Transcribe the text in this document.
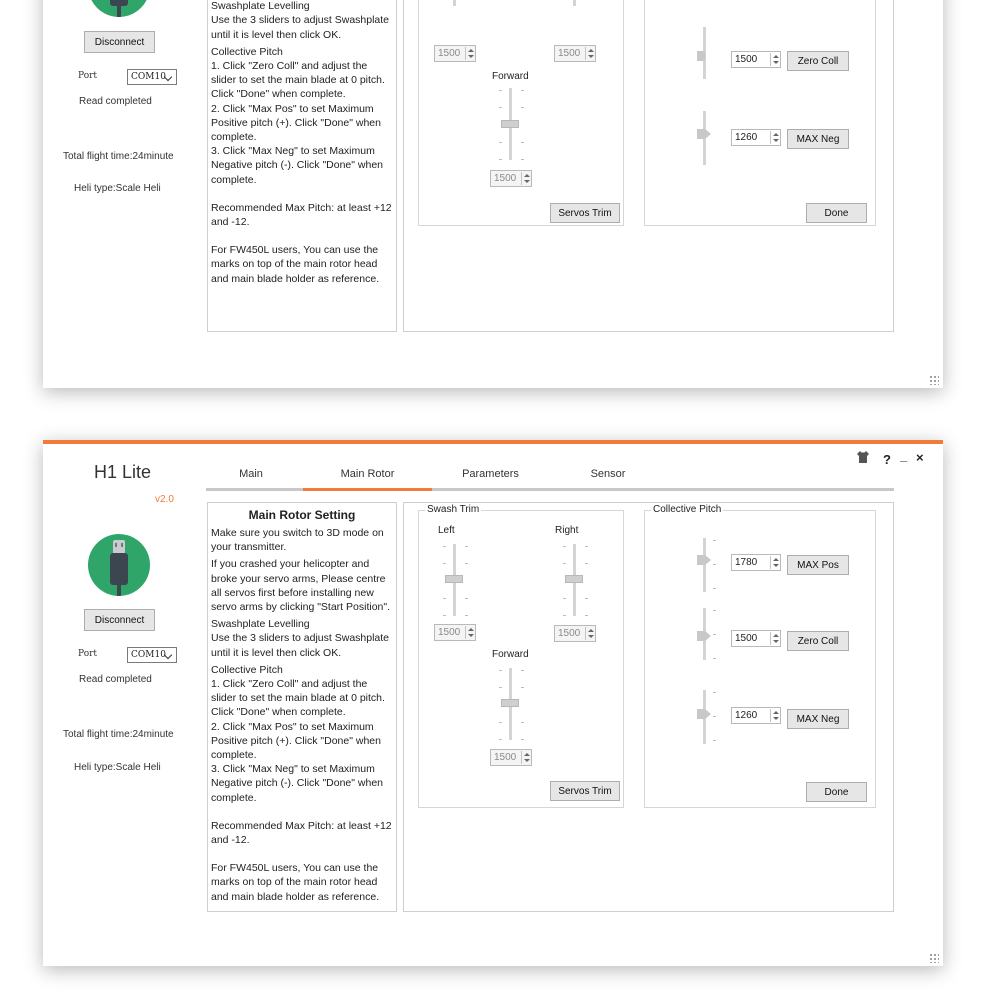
Disconnect
Port	COM10
Read completed
Total flight time:24minute
Heli type:Scale Heli

Swashplate Levelling
Use the 3 sliders to adjust Swashplate until it is level then click OK.

Collective Pitch
1. Click "Zero Coll" and adjust the slider to set the main blade at 0 pitch. Click "Done" when complete.
2. Click "Max Pos" to set Maximum Positive pitch (+). Click "Done" when complete.
3. Click "Max Neg" to set Maximum Negative pitch (-). Click "Done" when complete.

Recommended Max Pitch: at least +12 and -12.

For FW450L users, You can use the marks on top of the main rotor head and main blade holder as reference.

1500	1500
Forward
1500
Servos Trim
1500	Zero Coll
1260	MAX Neg
Done
? _ ×
H1 Lite
v2.0
Main	Main Rotor	Parameters	Sensor
Disconnect
Port	COM10
Read completed
Total flight time:24minute
Heli type:Scale Heli
Main Rotor Setting

Make sure you switch to 3D mode on your transmitter.

If you crashed your helicopter and broke your servo arms, Please centre all servos first before installing new servo arms by clicking "Start Position".

Swashplate Levelling
Use the 3 sliders to adjust Swashplate until it is level then click OK.

Collective Pitch
1. Click "Zero Coll" and adjust the slider to set the main blade at 0 pitch. Click "Done" when complete.
2. Click "Max Pos" to set Maximum Positive pitch (+). Click "Done" when complete.
3. Click "Max Neg" to set Maximum Negative pitch (-). Click "Done" when complete.

Recommended Max Pitch: at least +12 and -12.

For FW450L users, You can use the marks on top of the main rotor head and main blade holder as reference.

Swash Trim
Left	Right
1500	1500
Forward
1500
Servos Trim
Collective Pitch
1780	MAX Pos
1500	Zero Coll
1260	MAX Neg
Done
